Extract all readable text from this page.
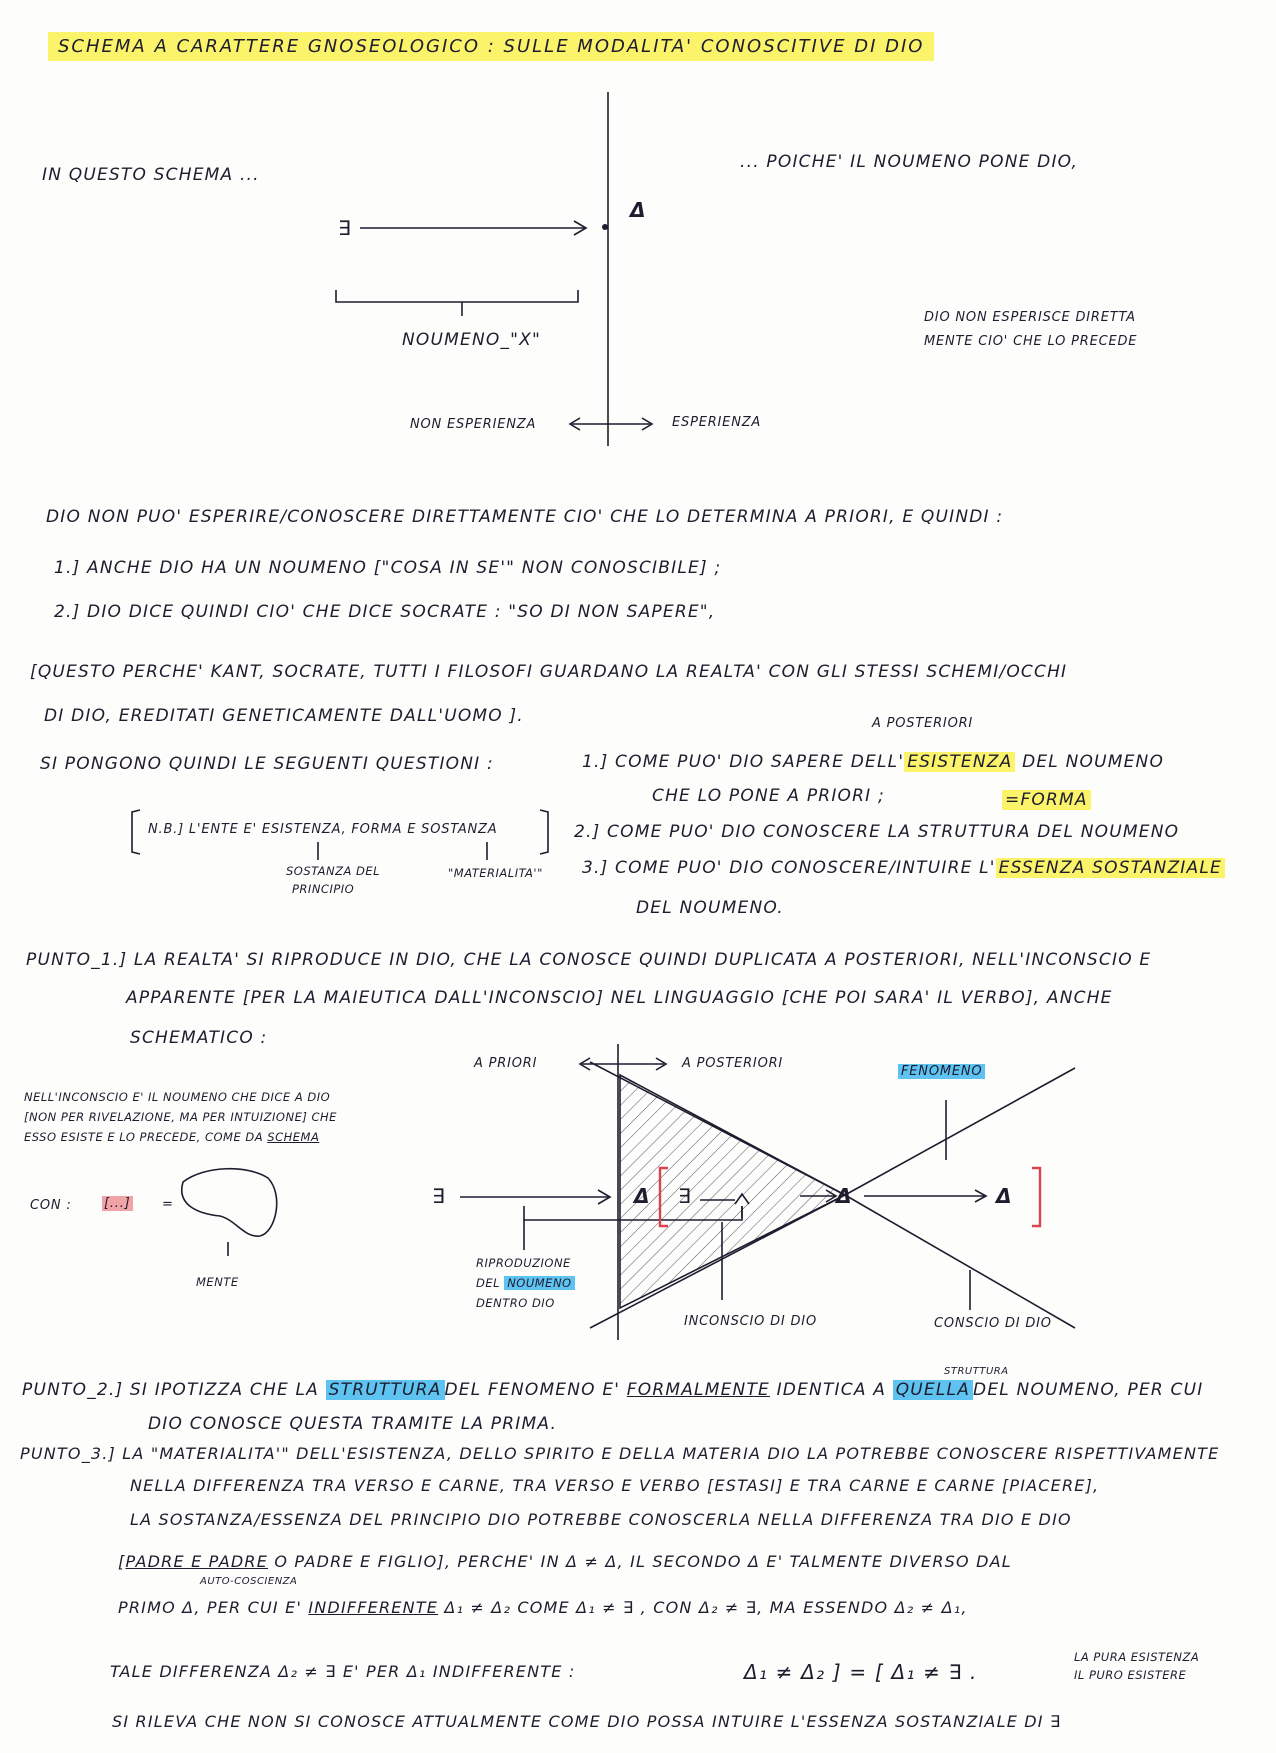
SCHEMA A CARATTERE GNOSEOLOGICO : SULLE MODALITA' CONOSCITIVE DI DIO
IN QUESTO SCHEMA ...
... POICHE' IL NOUMENO PONE DIO,
∃
Δ
NOUMENO_"X"
DIO NON ESPERISCE DIRETTA
MENTE CIO' CHE LO PRECEDE
NON ESPERIENZA	ESPERIENZA
DIO NON PUO' ESPERIRE/CONOSCERE DIRETTAMENTE CIO' CHE LO DETERMINA A PRIORI, E QUINDI :
1.] ANCHE DIO HA UN NOUMENO ["COSA IN SE'" NON CONOSCIBILE] ;
2.] DIO DICE QUINDI CIO' CHE DICE SOCRATE : "SO DI NON SAPERE",
[QUESTO PERCHE' KANT, SOCRATE, TUTTI I FILOSOFI GUARDANO LA REALTA' CON GLI STESSI SCHEMI/OCCHI
DI DIO, EREDITATI GENETICAMENTE DALL'UOMO ].	A POSTERIORI
SI PONGONO QUINDI LE SEGUENTI QUESTIONI :	1.] COME PUO' DIO SAPERE DELL' ESISTENZA DEL NOUMENO
CHE LO PONE A PRIORI ;	=FORMA
N.B.] L'ENTE E' ESISTENZA, FORMA E SOSTANZA
SOSTANZA DEL
PRINCIPIO
"MATERIALITA'"
2.] COME PUO' DIO CONOSCERE LA STRUTTURA DEL NOUMENO
3.] COME PUO' DIO CONOSCERE/INTUIRE L' ESSENZA SOSTANZIALE
DEL NOUMENO.
PUNTO_1.] LA REALTA' SI RIPRODUCE IN DIO, CHE LA CONOSCE QUINDI DUPLICATA A POSTERIORI, NELL'INCONSCIO E
APPARENTE [PER LA MAIEUTICA DALL'INCONSCIO] NEL LINGUAGGIO [CHE POI SARA' IL VERBO], ANCHE
SCHEMATICO :
NELL'INCONSCIO E' IL NOUMENO CHE DICE A DIO
[NON PER RIVELAZIONE, MA PER INTUIZIONE] CHE
ESSO ESISTE E LO PRECEDE, COME DA SCHEMA
CON : [...] =
MENTE
A PRIORI	A POSTERIORI
FENOMENO
∃	Δ ∃	Δ	Δ
RIPRODUZIONE
DEL NOUMENO
DENTRO DIO
INCONSCIO DI DIO	CONSCIO DI DIO
STRUTTURA
PUNTO_2.] SI IPOTIZZA CHE LA STRUTTURA DEL FENOMENO E' FORMALMENTE IDENTICA A QUELLA DEL NOUMENO, PER CUI
DIO CONOSCE QUESTA TRAMITE LA PRIMA.
PUNTO_3.] LA "MATERIALITA'" DELL'ESISTENZA, DELLO SPIRITO E DELLA MATERIA DIO LA POTREBBE CONOSCERE RISPETTIVAMENTE
NELLA DIFFERENZA TRA VERSO E CARNE, TRA VERSO E VERBO [ESTASI] E TRA CARNE E CARNE [PIACERE],
LA SOSTANZA/ESSENZA DEL PRINCIPIO DIO POTREBBE CONOSCERLA NELLA DIFFERENZA TRA DIO E DIO
[PADRE E PADRE O PADRE E FIGLIO], PERCHE' IN Δ ≠ Δ, IL SECONDO Δ E' TALMENTE DIVERSO DAL
AUTO-COSCIENZA
PRIMO Δ, PER CUI E' INDIFFERENTE Δ₁ ≠ Δ₂ COME Δ₁ ≠ ∃ , CON Δ₂ ≠ ∃, MA ESSENDO Δ₂ ≠ Δ₁,
TALE DIFFERENZA Δ₂ ≠ ∃ E' PER Δ₁ INDIFFERENTE :	Δ₁ ≠ Δ₂ ] = [ Δ₁ ≠ ∃ .
LA PURA ESISTENZA
IL PURO ESISTERE
SI RILEVA CHE NON SI CONOSCE ATTUALMENTE COME DIO POSSA INTUIRE L'ESSENZA SOSTANZIALE DI ∃
